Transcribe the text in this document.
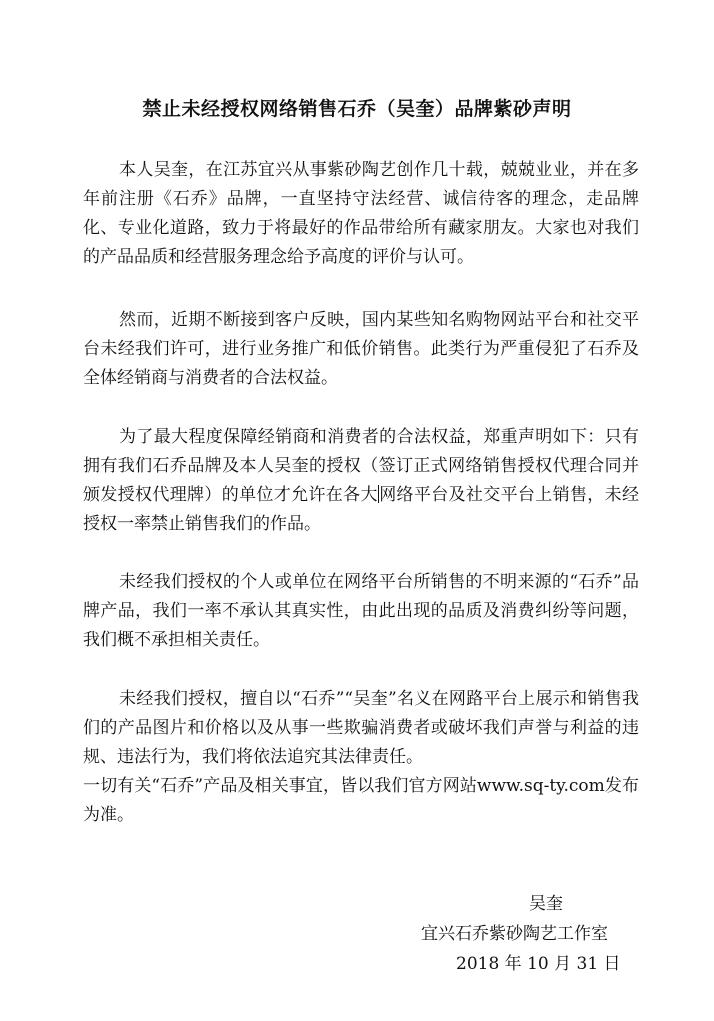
禁止未经授权网络销售石乔（吴奎）品牌紫砂声明

本人吴奎，在江苏宜兴从事紫砂陶艺创作几十载，兢兢业业，并在多年前注册《石乔》品牌，一直坚持守法经营、诚信待客的理念，走品牌化、专业化道路，致力于将最好的作品带给所有藏家朋友。大家也对我们的产品品质和经营服务理念给予高度的评价与认可。

然而，近期不断接到客户反映，国内某些知名购物网站平台和社交平台未经我们许可，进行业务推广和低价销售。此类行为严重侵犯了石乔及全体经销商与消费者的合法权益。

为了最大程度保障经销商和消费者的合法权益，郑重声明如下：只有拥有我们石乔品牌及本人吴奎的授权（签订正式网络销售授权代理合同并颁发授权代理牌）的单位才允许在各大网络平台及社交平台上销售，未经授权一率禁止销售我们的作品。

未经我们授权的个人或单位在网络平台所销售的不明来源的“石乔”品牌产品，我们一率不承认其真实性，由此出现的品质及消费纠纷等问题，我们概不承担相关责任。

未经我们授权，擅自以“石乔”“吴奎”名义在网路平台上展示和销售我们的产品图片和价格以及从事一些欺骗消费者或破坏我们声誉与利益的违规、违法行为，我们将依法追究其法律责任。

一切有关“石乔”产品及相关事宜，皆以我们官方网站www.sq-ty.com发布为准。

吴奎

宜兴石乔紫砂陶艺工作室

2018 年 10 月 31 日
